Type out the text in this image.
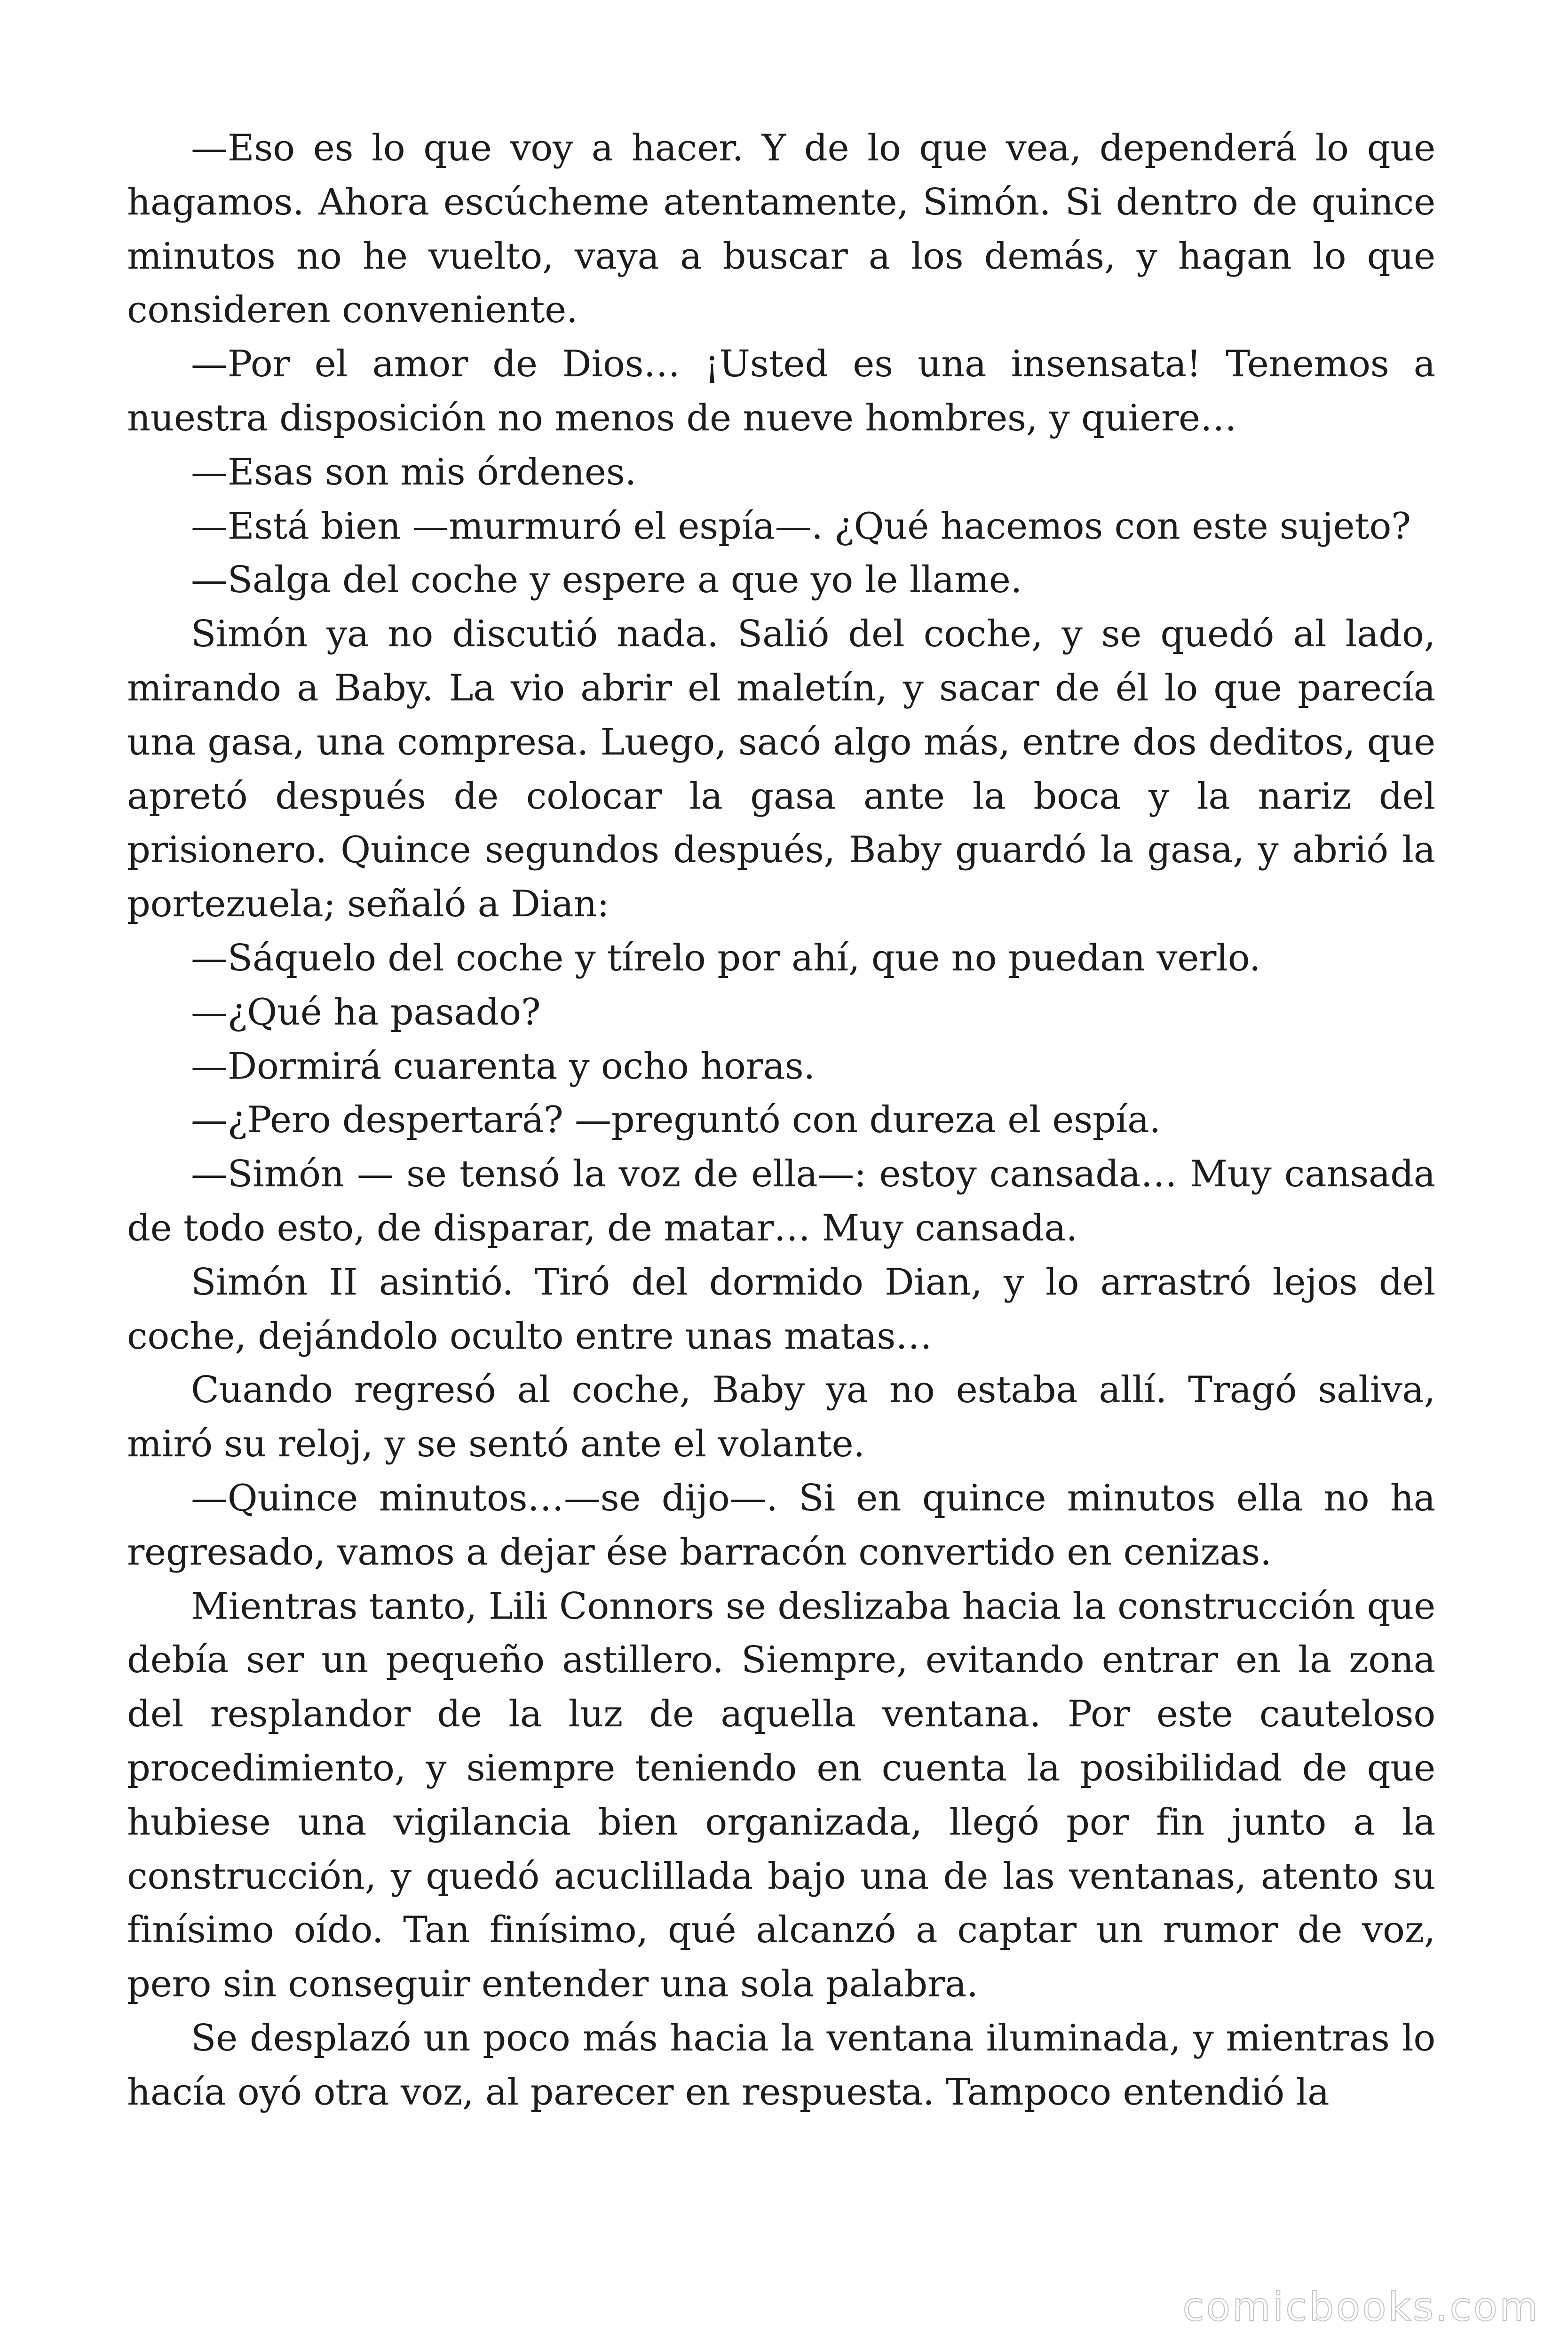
—Eso es lo que voy a hacer. Y de lo que vea, dependerá lo que hagamos. Ahora escúcheme atentamente, Simón. Si dentro de quince minutos no he vuelto, vaya a buscar a los demás, y hagan lo que consideren conveniente.

—Por el amor de Dios… ¡Usted es una insensata! Tenemos a nuestra disposición no menos de nueve hombres, y quiere…

—Esas son mis órdenes.

—Está bien —murmuró el espía—. ¿Qué hacemos con este sujeto?

—Salga del coche y espere a que yo le llame.

Simón ya no discutió nada. Salió del coche, y se quedó al lado, mirando a Baby. La vio abrir el maletín, y sacar de él lo que parecía una gasa, una compresa. Luego, sacó algo más, entre dos deditos, que apretó después de colocar la gasa ante la boca y la nariz del prisionero. Quince segundos después, Baby guardó la gasa, y abrió la portezuela; señaló a Dian:

—Sáquelo del coche y tírelo por ahí, que no puedan verlo.

—¿Qué ha pasado?

—Dormirá cuarenta y ocho horas.

—¿Pero despertará? —preguntó con dureza el espía.

—Simón — se tensó la voz de ella—: estoy cansada… Muy cansada de todo esto, de disparar, de matar… Muy cansada.

Simón II asintió. Tiró del dormido Dian, y lo arrastró lejos del coche, dejándolo oculto entre unas matas…

Cuando regresó al coche, Baby ya no estaba allí. Tragó saliva, miró su reloj, y se sentó ante el volante.

—Quince minutos…—se dijo—. Si en quince minutos ella no ha regresado, vamos a dejar ése barracón convertido en cenizas.

Mientras tanto, Lili Connors se deslizaba hacia la construcción que debía ser un pequeño astillero. Siempre, evitando entrar en la zona del resplandor de la luz de aquella ventana. Por este cauteloso procedimiento, y siempre teniendo en cuenta la posibilidad de que hubiese una vigilancia bien organizada, llegó por fin junto a la construcción, y quedó acuclillada bajo una de las ventanas, atento su finísimo oído. Tan finísimo, qué alcanzó a captar un rumor de voz, pero sin conseguir entender una sola palabra.

Se desplazó un poco más hacia la ventana iluminada, y mientras lo hacía oyó otra voz, al parecer en respuesta. Tampoco entendió la

comicbooks.com
